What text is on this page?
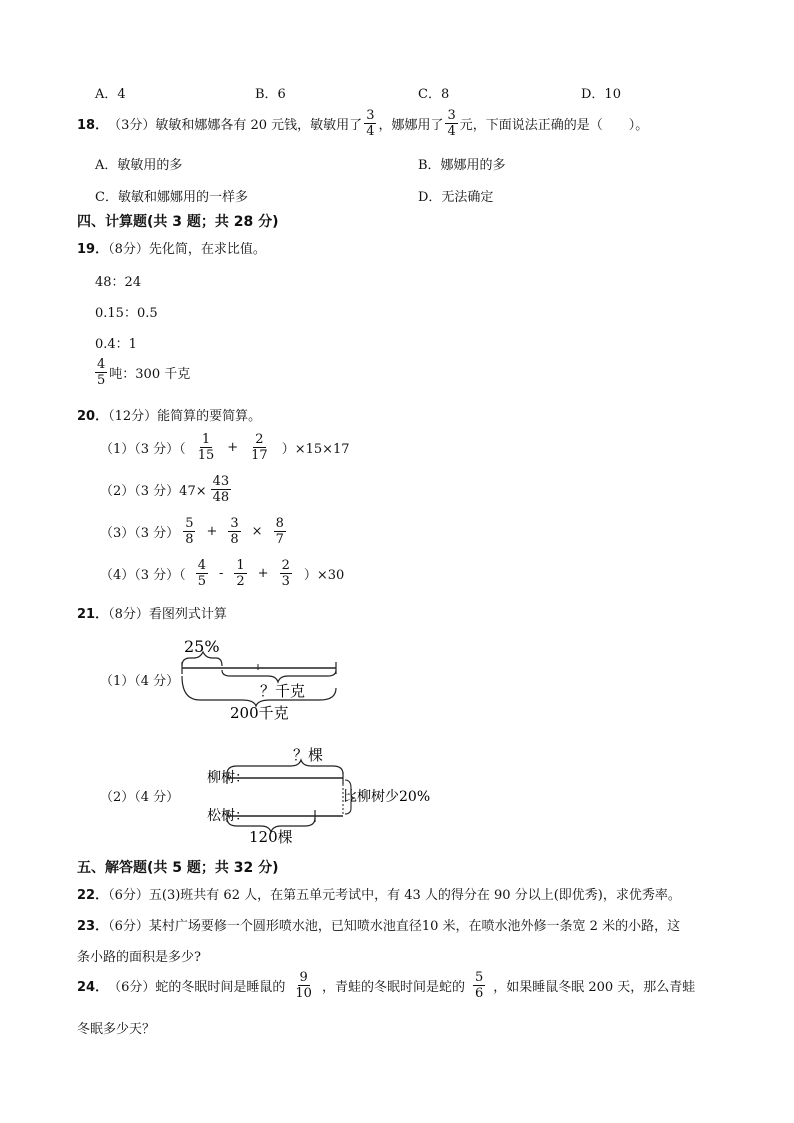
A．4	B．6	C．8	D．10
18． （3分） 敏敏和娜娜各有 20 元钱，敏敏用了 $\frac{3}{4}$ ，娜娜用了 $\frac{3}{4}$ 元，下面说法正确的是（　　）。
A．敏敏用的多	B．娜娜用的多
C．敏敏和娜娜用的一样多	D．无法确定
四、计算题(共 3 题；共 28 分)
19．（8分）先化简，在求比值。
48：24
0.15：0.5
0.4：1
$\frac{4}{5}$ 吨：300 千克
20．（12分）能简算的要简算。
（1）（3 分）（ $\frac{1}{15} + \frac{2}{17} )\times 15\times 17$
（2）（3 分）$47\times \frac{43}{48}$
（3）（3 分） $\frac{5}{8} + \frac{3}{8} \times \frac{8}{7}$
（4）（3 分）（ $\frac{4}{5} - \frac{1}{2} + \frac{2}{3} )\times 30$
21．（8分）看图列式计算
（1）（4 分）
25%
？千克
200千克
（2）（4 分）
？棵
柳树：
比柳树少20%
松树：
120棵
五、解答题(共 5 题；共 32 分)
22．（6分）五(3)班共有 62 人，在第五单元考试中，有 43 人的得分在 90 分以上(即优秀)，求优秀率。
23．（6分）某村广场要修一个圆形喷水池，已知喷水池直径10 米，在喷水池外修一条宽 2 米的小路，这
条小路的面积是多少?
24． （6分） 蛇的冬眠时间是睡鼠的 $\frac{9}{10}$ ，青蛙的冬眠时间是蛇的 $\frac{5}{6}$ ，如果睡鼠冬眠 200 天，那么青蛙
冬眠多少天？
